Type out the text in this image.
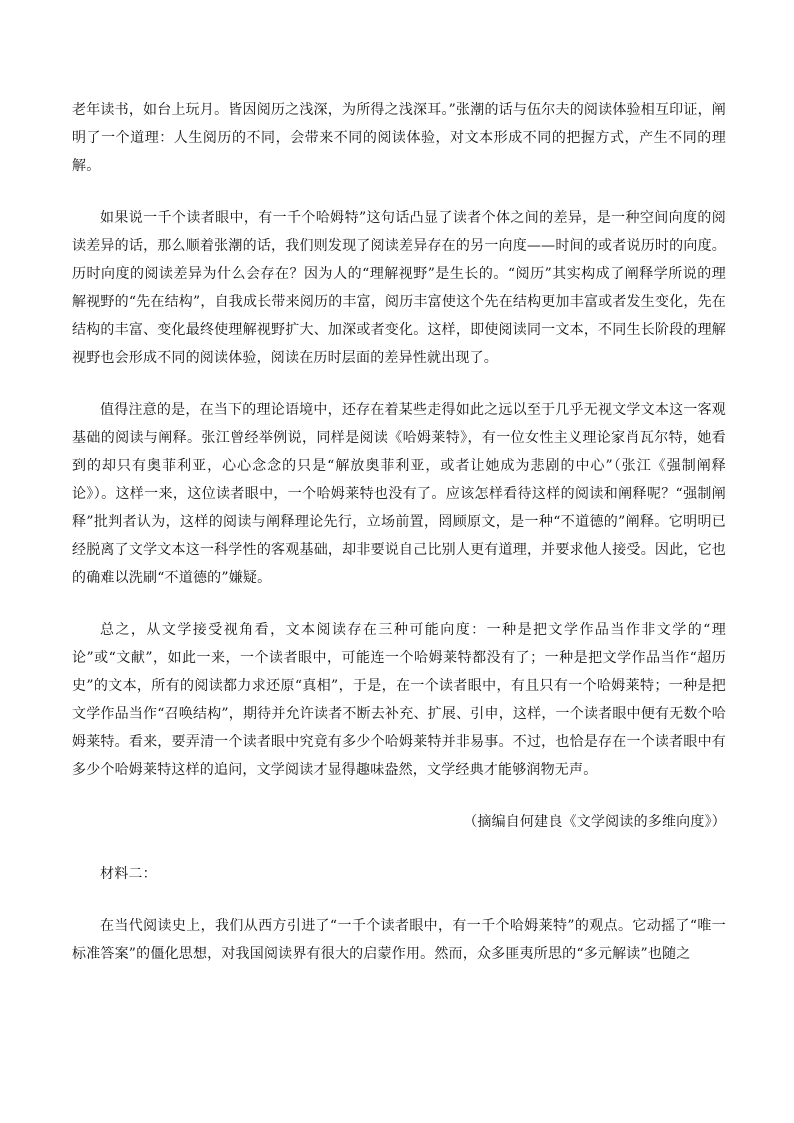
老年读书，如台上玩月。皆因阅历之浅深，为所得之浅深耳。”张潮的话与伍尔夫的阅读体验相互印证，阐明了一个道理：人生阅历的不同，会带来不同的阅读体验，对文本形成不同的把握方式，产生不同的理解。

如果说一千个读者眼中，有一千个哈姆特”这句话凸显了读者个体之间的差异，是一种空间向度的阅读差异的话，那么顺着张潮的话，我们则发现了阅读差异存在的另一向度——时间的或者说历时的向度。历时向度的阅读差异为什么会存在？因为人的“理解视野”是生长的。“阅历”其实构成了阐释学所说的理解视野的“先在结构”，自我成长带来阅历的丰富，阅历丰富使这个先在结构更加丰富或者发生变化，先在结构的丰富、变化最终使理解视野扩大、加深或者变化。这样，即使阅读同一文本，不同生长阶段的理解视野也会形成不同的阅读体验，阅读在历时层面的差异性就出现了。

值得注意的是，在当下的理论语境中，还存在着某些走得如此之远以至于几乎无视文学文本这一客观基础的阅读与阐释。张江曾经举例说，同样是阅读《哈姆莱特》，有一位女性主义理论家肖瓦尔特，她看到的却只有奥菲利亚，心心念念的只是“解放奥菲利亚，或者让她成为悲剧的中心”（张江《强制阐释论》）。这样一来，这位读者眼中，一个哈姆莱特也没有了。应该怎样看待这样的阅读和阐释呢？“强制阐释”批判者认为，这样的阅读与阐释理论先行，立场前置，罔顾原文，是一种“不道德的”阐释。它明明已经脱离了文学文本这一科学性的客观基础，却非要说自己比别人更有道理，并要求他人接受。因此，它也的确难以洗刷“不道德的”嫌疑。

总之，从文学接受视角看，文本阅读存在三种可能向度：一种是把文学作品当作非文学的“理论”或“文献”，如此一来，一个读者眼中，可能连一个哈姆莱特都没有了；一种是把文学作品当作“超历史”的文本，所有的阅读都力求还原“真相”，于是，在一个读者眼中，有且只有一个哈姆莱特；一种是把文学作品当作“召唤结构”，期待并允许读者不断去补充、扩展、引申，这样，一个读者眼中便有无数个哈姆莱特。看来，要弄清一个读者眼中究竟有多少个哈姆莱特并非易事。不过，也恰是存在一个读者眼中有多少个哈姆莱特这样的追问，文学阅读才显得趣味盎然，文学经典才能够润物无声。

（摘编自何建良《文学阅读的多维向度》）

材料二：

在当代阅读史上，我们从西方引进了“一千个读者眼中，有一千个哈姆莱特”的观点。它动摇了“唯一标准答案”的僵化思想，对我国阅读界有很大的启蒙作用。然而，众多匪夷所思的“多元解读”也随之
